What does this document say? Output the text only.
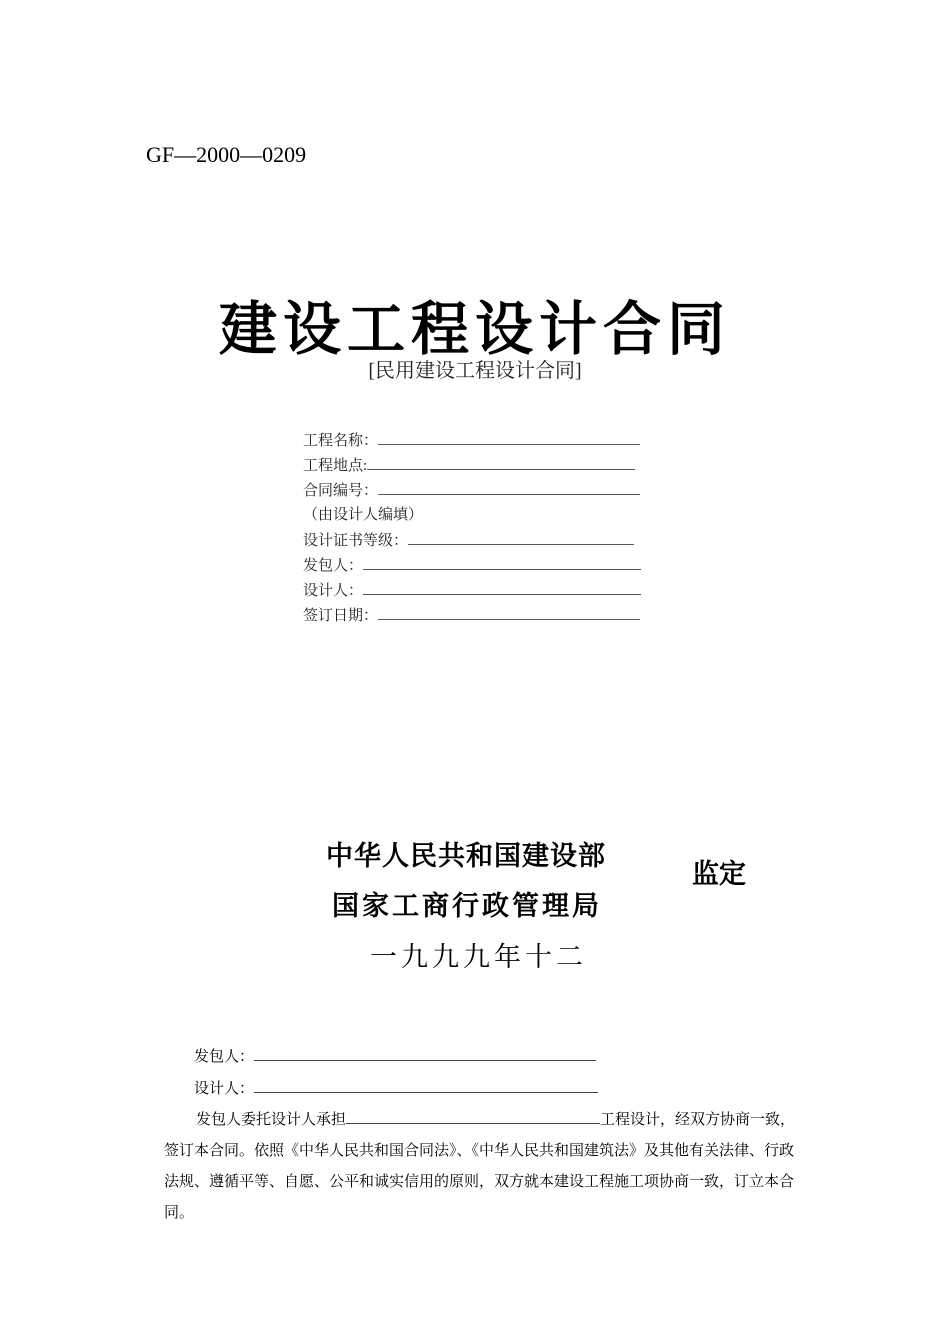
GF—2000—0209
建设工程设计合同
[民用建设工程设计合同]
工程名称：
工程地点:
合同编号：
（由设计人编填）
设计证书等级：
发包人：
设计人：
签订日期：
中华人民共和国建设部
国家工商行政管理局
监定
一九九九年十二
发包人：
设计人：
发包人委托设计人承担	工程设计，经双方协商一致，签订本合同。依照《中华人民共和国合同法》、《中华人民共和国建筑法》及其他有关法律、行政法规、遵循平等、自愿、公平和诚实信用的原则，双方就本建设工程施工项协商一致，订立本合同。
